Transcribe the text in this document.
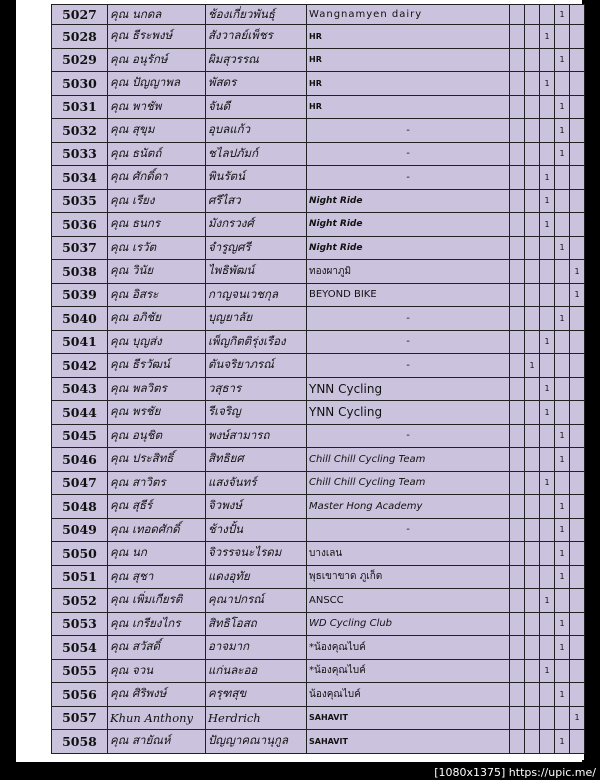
5027	คุณ นกดล	ช้องเกี่ยวพันธุ์	Wangnamyen dairy				1	
5028	คุณ ธีระพงษ์	สังวาลย์เพ็ชร	HR			1		
5029	คุณ อนุรักษ์	ผิมสุวรรณ	HR				1	
5030	คุณ ปัญญาพล	พัสดร	HR			1		
5031	คุณ พาชัพ	จันดี	HR				1	
5032	คุณ สุขุม	อุบลแก้ว	-				1	
5033	คุณ ธนัตถ์	ชไลปภัมก์	-				1	
5034	คุณ ศักดิ์ดา	พินรัตน์	-			1		
5035	คุณ เรียง	ศรีไสว	Night Ride			1		
5036	คุณ ธนกร	มังกรวงศ์	Night Ride			1		
5037	คุณ เรวัต	จำรูญศรี	Night Ride				1	
5038	คุณ วินัย	ไพธิพัฒน์	ทองผาภูมิ					1
5039	คุณ อิสระ	กาญจนเวชกุล	BEYOND BIKE					1
5040	คุณ อภิชัย	บุญยาลัย	-				1	
5041	คุณ บุญส่ง	เพ็ญกิตติรุ่งเรือง	-			1		
5042	คุณ ธีรวัฒน์	ตันจริยาภรณ์	-		1			
5043	คุณ พลวิตร	วสุธาร	YNN Cycling			1		
5044	คุณ พรชัย	รีเจริญ	YNN Cycling			1		
5045	คุณ อนุชิต	พงษ์สามารถ	-				1	
5046	คุณ ประสิทธิ์	สิทธิยศ	Chill Chill Cycling Team				1	
5047	คุณ สาวิตร	แสงจันทร์	Chill Chill Cycling Team			1		
5048	คุณ สุธีร์	จิวพงษ์	Master Hong Academy				1	
5049	คุณ เทอดศักดิ์	ช้างปั้น	-				1	
5050	คุณ นก	จิวรรจนะไรดม	บางเลน				1	
5051	คุณ สุชา	แดงอุทัย	พุธเขาขาด ภูเก็ต				1	
5052	คุณ เพิ่มเกียรติ	คุณาปกรณ์	ANSCC			1		
5053	คุณ เกรียงไกร	สิทธิโอสถ	WD Cycling Club				1	
5054	คุณ สวัสดิ์	อาจมาก	*น้องคุณไบค์				1	
5055	คุณ จวน	แก่นละออ	*น้องคุณไบค์			1		
5056	คุณ ศิริพงษ์	ครุฑสุข	น้องคุณไบค์				1	
5057	Khun Anthony	Herdrich	SAHAVIT					1
5058	คุณ สายัณห์	ปัญญาคณานุกูล	SAHAVIT				1	
[1080x1375] https://upic.me/
